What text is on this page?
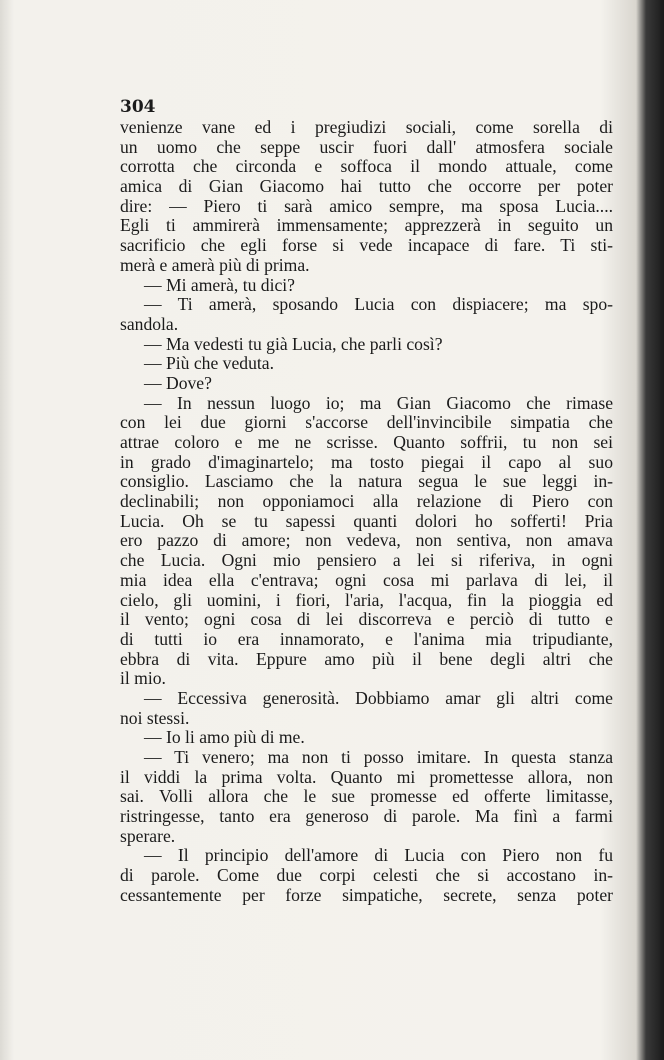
304
venienze vane ed i pregiudizi sociali, come sorella di
un uomo che seppe uscir fuori dall' atmosfera sociale
corrotta che circonda e soffoca il mondo attuale, come
amica di Gian Giacomo hai tutto che occorre per poter
dire: — Piero ti sarà amico sempre, ma sposa Lucia....
Egli ti ammirerà immensamente; apprezzerà in seguito un
sacrificio che egli forse si vede incapace di fare. Ti sti-
merà e amerà più di prima.
— Mi amerà, tu dici?
— Ti amerà, sposando Lucia con dispiacere; ma spo-
sandola.
— Ma vedesti tu già Lucia, che parli così?
— Più che veduta.
— Dove?
— In nessun luogo io; ma Gian Giacomo che rimase
con lei due giorni s'accorse dell'invincibile simpatia che
attrae coloro e me ne scrisse. Quanto soffrii, tu non sei
in grado d'imaginartelo; ma tosto piegai il capo al suo
consiglio. Lasciamo che la natura segua le sue leggi in-
declinabili; non opponiamoci alla relazione di Piero con
Lucia. Oh se tu sapessi quanti dolori ho sofferti! Pria
ero pazzo di amore; non vedeva, non sentiva, non amava
che Lucia. Ogni mio pensiero a lei si riferiva, in ogni
mia idea ella c'entrava; ogni cosa mi parlava di lei, il
cielo, gli uomini, i fiori, l'aria, l'acqua, fin la pioggia ed
il vento; ogni cosa di lei discorreva e perciò di tutto e
di tutti io era innamorato, e l'anima mia tripudiante,
ebbra di vita. Eppure amo più il bene degli altri che
il mio.
— Eccessiva generosità. Dobbiamo amar gli altri come
noi stessi.
— Io li amo più di me.
— Ti venero; ma non ti posso imitare. In questa stanza
il viddi la prima volta. Quanto mi promettesse allora, non
sai. Volli allora che le sue promesse ed offerte limitasse,
ristringesse, tanto era generoso di parole. Ma finì a farmi
sperare.
— Il principio dell'amore di Lucia con Piero non fu
di parole. Come due corpi celesti che si accostano in-
cessantemente per forze simpatiche, secrete, senza poter
